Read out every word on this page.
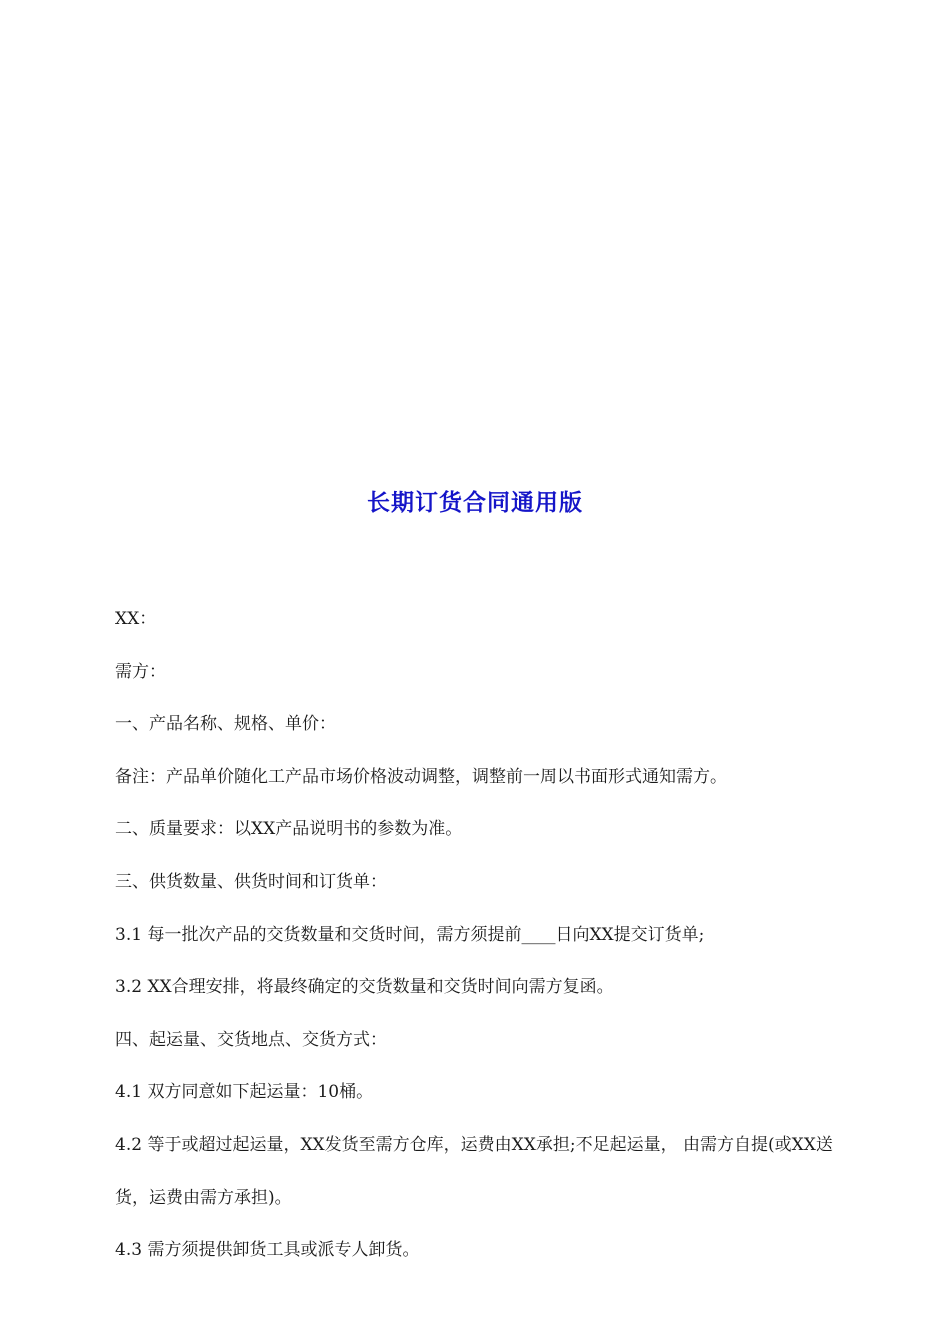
长期订货合同通用版

XX：

需方：

一、产品名称、规格、单价：

备注：产品单价随化工产品市场价格波动调整，调整前一周以书面形式通知需方。

二、质量要求：以XX产品说明书的参数为准。

三、供货数量、供货时间和订货单：

3.1 每一批次产品的交货数量和交货时间，需方须提前____日向XX提交订货单;

3.2 XX合理安排，将最终确定的交货数量和交货时间向需方复函。

四、起运量、交货地点、交货方式：

4.1 双方同意如下起运量：10桶。

4.2 等于或超过起运量，XX发货至需方仓库，运费由XX承担;不足起运量， 由需方自提(或XX送货，运费由需方承担)。

4.3 需方须提供卸货工具或派专人卸货。
